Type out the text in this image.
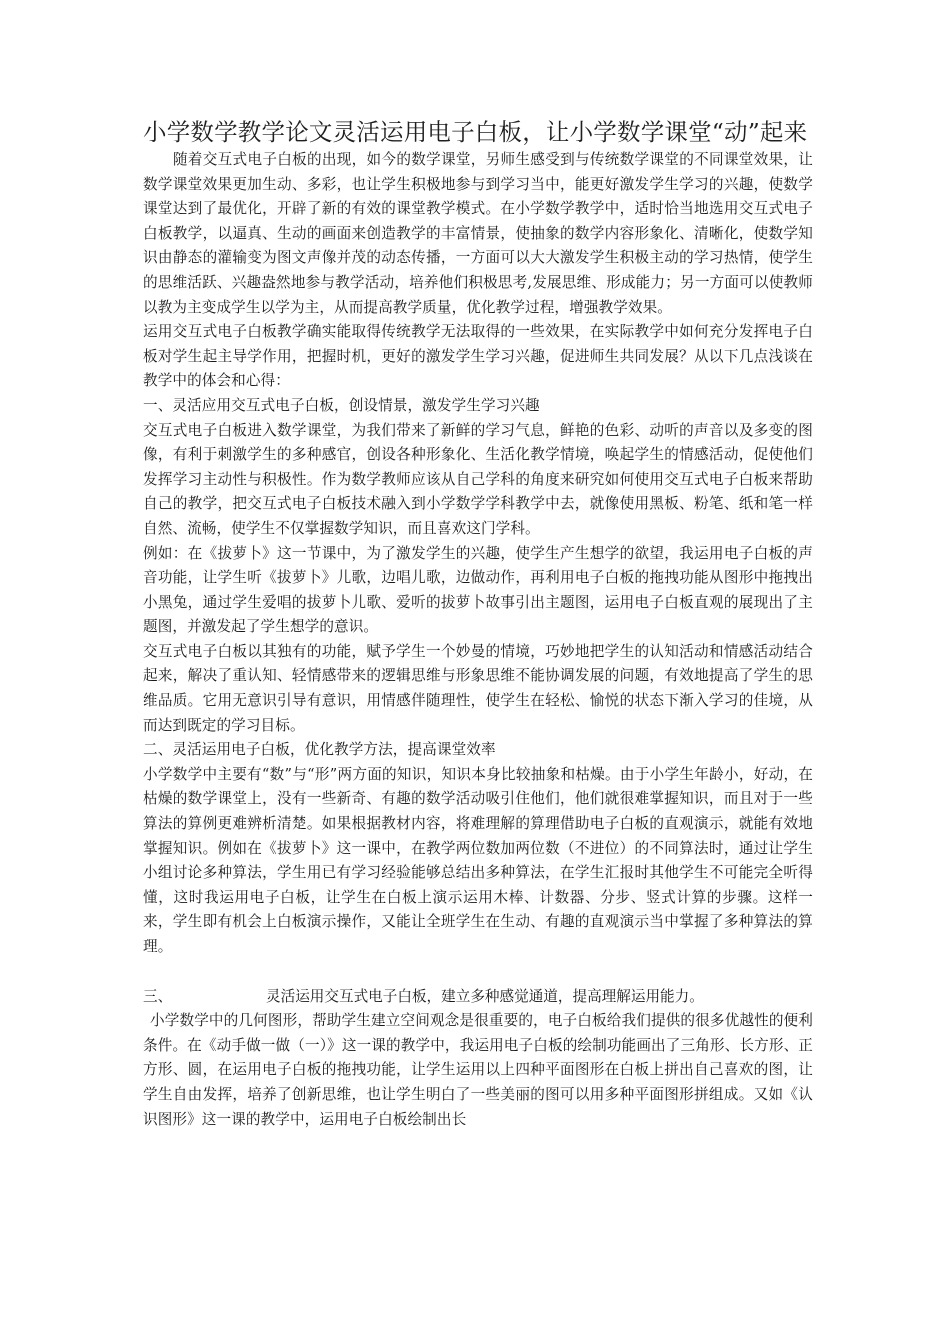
小学数学教学论文灵活运用电子白板，让小学数学课堂“动”起来

随着交互式电子白板的出现，如今的数学课堂，另师生感受到与传统数学课堂的不同课堂效果，让数学课堂效果更加生动、多彩，也让学生积极地参与到学习当中，能更好激发学生学习的兴趣，使数学课堂达到了最优化，开辟了新的有效的课堂教学模式。在小学数学教学中，适时恰当地选用交互式电子白板教学，以逼真、生动的画面来创造教学的丰富情景，使抽象的数学内容形象化、清晰化，使数学知识由静态的灌输变为图文声像并茂的动态传播，一方面可以大大激发学生积极主动的学习热情，使学生的思维活跃、兴趣盎然地参与教学活动，培养他们积极思考,发展思维、形成能力；另一方面可以使教师以教为主变成学生以学为主，从而提高教学质量，优化教学过程，增强教学效果。

运用交互式电子白板教学确实能取得传统教学无法取得的一些效果，在实际教学中如何充分发挥电子白板对学生起主导学作用，把握时机，更好的激发学生学习兴趣，促进师生共同发展？从以下几点浅谈在教学中的体会和心得：

一、灵活应用交互式电子白板，创设情景，激发学生学习兴趣

交互式电子白板进入数学课堂，为我们带来了新鲜的学习气息，鲜艳的色彩、动听的声音以及多变的图像，有利于刺激学生的多种感官，创设各种形象化、生活化教学情境，唤起学生的情感活动，促使他们发挥学习主动性与积极性。作为数学教师应该从自己学科的角度来研究如何使用交互式电子白板来帮助自己的教学，把交互式电子白板技术融入到小学数学学科教学中去，就像使用黑板、粉笔、纸和笔一样自然、流畅，使学生不仅掌握数学知识，而且喜欢这门学科。

例如：在《拔萝卜》这一节课中，为了激发学生的兴趣，使学生产生想学的欲望，我运用电子白板的声音功能，让学生听《拔萝卜》儿歌，边唱儿歌，边做动作，再利用电子白板的拖拽功能从图形中拖拽出小黑兔，通过学生爱唱的拔萝卜儿歌、爱听的拔萝卜故事引出主题图，运用电子白板直观的展现出了主题图，并激发起了学生想学的意识。

交互式电子白板以其独有的功能，赋予学生一个妙曼的情境，巧妙地把学生的认知活动和情感活动结合起来，解决了重认知、轻情感带来的逻辑思维与形象思维不能协调发展的问题，有效地提高了学生的思维品质。它用无意识引导有意识，用情感伴随理性，使学生在轻松、愉悦的状态下渐入学习的佳境，从而达到既定的学习目标。

二、灵活运用电子白板，优化教学方法，提高课堂效率

小学数学中主要有“数”与“形”两方面的知识，知识本身比较抽象和枯燥。由于小学生年龄小，好动，在枯燥的数学课堂上，没有一些新奇、有趣的数学活动吸引住他们，他们就很难掌握知识，而且对于一些算法的算例更难辨析清楚。如果根据教材内容，将难理解的算理借助电子白板的直观演示，就能有效地掌握知识。例如在《拔萝卜》这一课中，在教学两位数加两位数（不进位）的不同算法时，通过让学生小组讨论多种算法，学生用已有学习经验能够总结出多种算法，在学生汇报时其他学生不可能完全听得懂，这时我运用电子白板，让学生在白板上演示运用木棒、计数器、分步、竖式计算的步骤。这样一来，学生即有机会上白板演示操作，又能让全班学生在生动、有趣的直观演示当中掌握了多种算法的算理。

三、	灵活运用交互式电子白板，建立多种感觉通道，提高理解运用能力。

小学数学中的几何图形，帮助学生建立空间观念是很重要的，电子白板给我们提供的很多优越性的便利条件。在《动手做一做（一）》这一课的教学中，我运用电子白板的绘制功能画出了三角形、长方形、正方形、圆，在运用电子白板的拖拽功能，让学生运用以上四种平面图形在白板上拼出自己喜欢的图，让学生自由发挥，培养了创新思维，也让学生明白了一些美丽的图可以用多种平面图形拼组成。又如《认识图形》这一课的教学中，运用电子白板绘制出长
